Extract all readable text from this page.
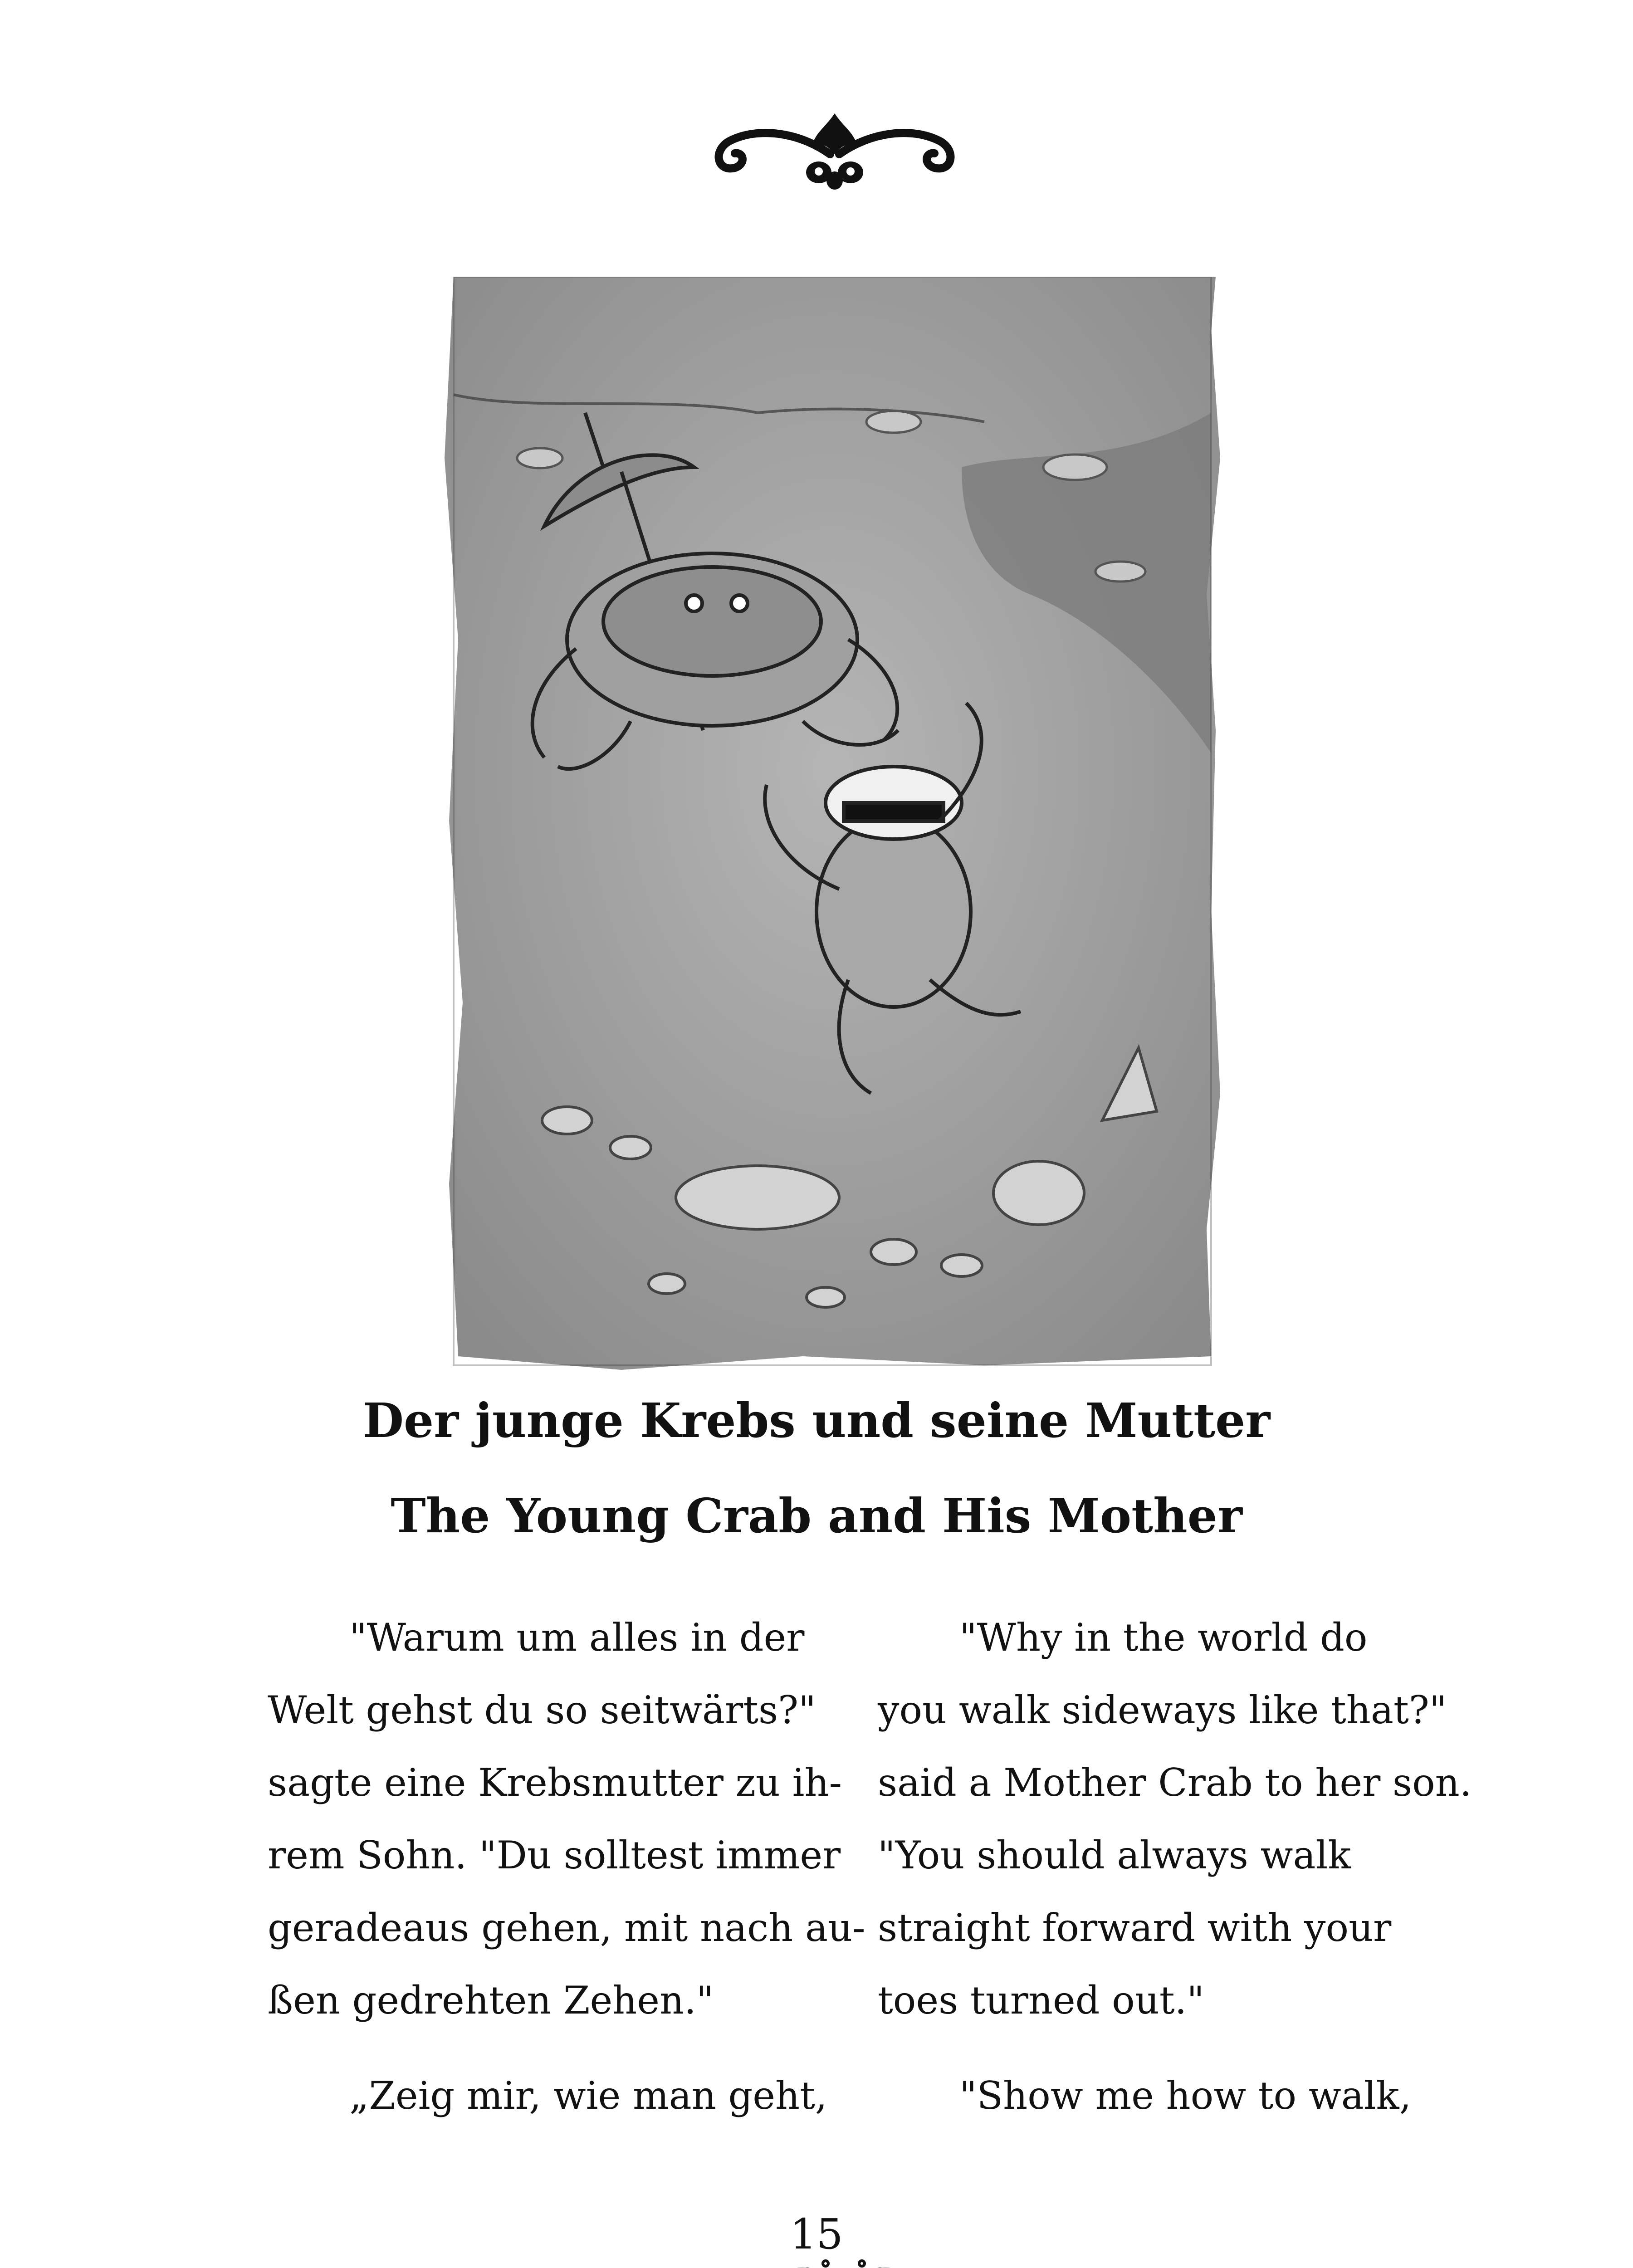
Der junge Krebs und seine Mutter
The Young Crab and His Mother
"Warum um alles in der
Welt gehst du so seitwärts?"
sagte eine Krebsmutter zu ih-
rem Sohn. "Du solltest immer
geradeaus gehen, mit nach au-
ßen gedrehten Zehen."
„Zeig mir, wie man geht,
"Why in the world do
you walk sideways like that?"
said a Mother Crab to her son.
"You should always walk
straight forward with your
toes turned out."
"Show me how to walk,
15
